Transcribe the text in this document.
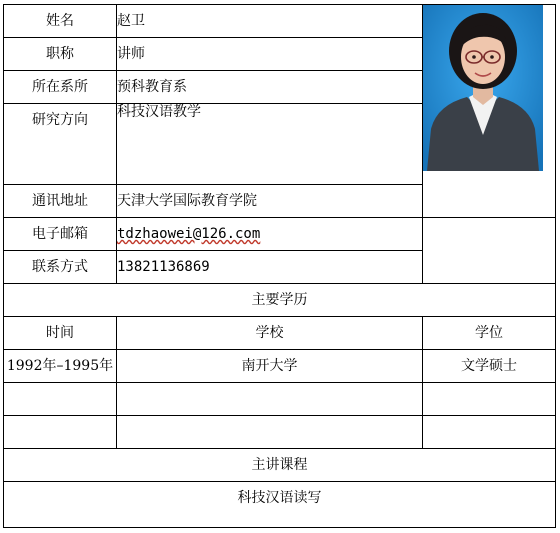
姓名	赵卫	

职称	讲师	
所在系所	预科教育系	
研究方向	科技汉语教学	
通讯地址	天津大学国际教育学院	
电子邮箱	tdzhaowei@126.com	
联系方式	13821136869	
主要学历		
时间	学校	学位
1992年–1995年	南开大学	文学硕士

主讲课程		
科技汉语读写		
